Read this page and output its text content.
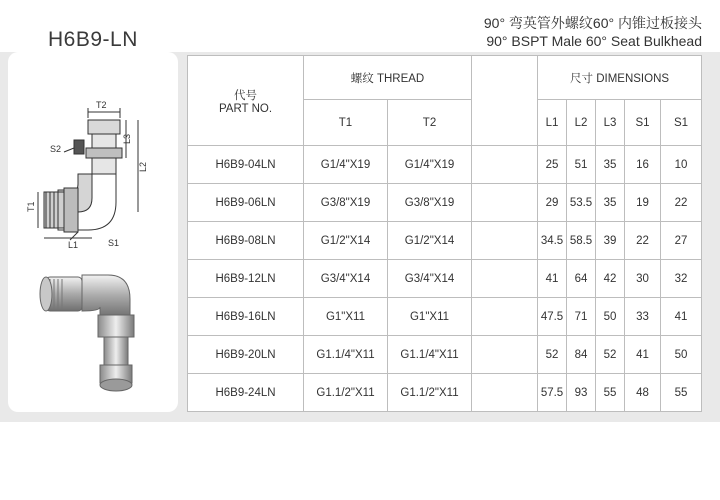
H6B9-LN
90° 弯英管外螺纹60° 内锥过板接头
90° BSPT Male 60° Seat Bulkhead
T2
S2
L3
L2
T1
L1	S1
代号
PART NO.	螺纹 THREAD			尺寸 DIMENSIONS				
	T1	T2		L1	L2	L3	S1	S1
H6B9-04LN	G1/4"X19	G1/4"X19		25	51	35	16	10
H6B9-06LN	G3/8"X19	G3/8"X19		29	53.5	35	19	22
H6B9-08LN	G1/2"X14	G1/2"X14		34.5	58.5	39	22	27
H6B9-12LN	G3/4"X14	G3/4"X14		41	64	42	30	32
H6B9-16LN	G1"X11	G1"X11		47.5	71	50	33	41
H6B9-20LN	G1.1/4"X11	G1.1/4"X11		52	84	52	41	50
H6B9-24LN	G1.1/2"X11	G1.1/2"X11		57.5	93	55	48	55
